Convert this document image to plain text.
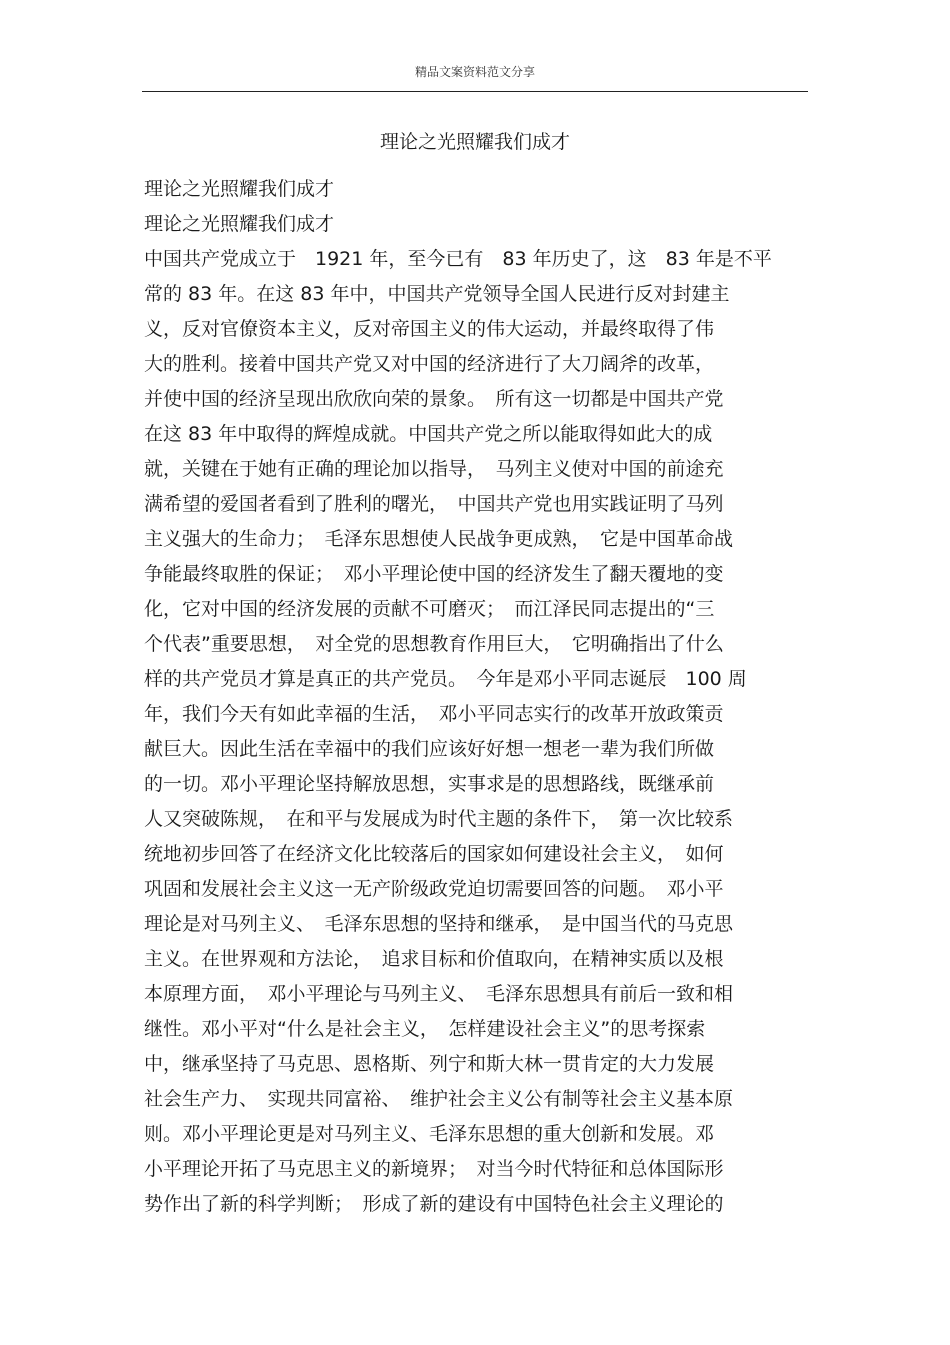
精品文案资料范文分享
理论之光照耀我们成才
理论之光照耀我们成才
理论之光照耀我们成才
中国共产党成立于　1921 年，至今已有　83 年历史了，这　83 年是不平
常的 83 年。在这 83 年中，中国共产党领导全国人民进行反对封建主
义，反对官僚资本主义，反对帝国主义的伟大运动，并最终取得了伟
大的胜利。接着中国共产党又对中国的经济进行了大刀阔斧的改革，
并使中国的经济呈现出欣欣向荣的景象。　所有这一切都是中国共产党
在这 83 年中取得的辉煌成就。中国共产党之所以能取得如此大的成
就，关键在于她有正确的理论加以指导，　马列主义使对中国的前途充
满希望的爱国者看到了胜利的曙光，　中国共产党也用实践证明了马列
主义强大的生命力；　毛泽东思想使人民战争更成熟，　它是中国革命战
争能最终取胜的保证；　邓小平理论使中国的经济发生了翻天覆地的变
化，它对中国的经济发展的贡献不可磨灭；　而江泽民同志提出的“三
个代表”重要思想，　对全党的思想教育作用巨大，　它明确指出了什么
样的共产党员才算是真正的共产党员。　今年是邓小平同志诞辰　100 周
年，我们今天有如此幸福的生活，　邓小平同志实行的改革开放政策贡
献巨大。因此生活在幸福中的我们应该好好想一想老一辈为我们所做
的一切。邓小平理论坚持解放思想，实事求是的思想路线，既继承前
人又突破陈规，　在和平与发展成为时代主题的条件下，　第一次比较系
统地初步回答了在经济文化比较落后的国家如何建设社会主义，　如何
巩固和发展社会主义这一无产阶级政党迫切需要回答的问题。　邓小平
理论是对马列主义、　毛泽东思想的坚持和继承，　是中国当代的马克思
主义。在世界观和方法论，　追求目标和价值取向，在精神实质以及根
本原理方面，　邓小平理论与马列主义、　毛泽东思想具有前后一致和相
继性。邓小平对“什么是社会主义，　怎样建设社会主义”的思考探索
中，继承坚持了马克思、恩格斯、列宁和斯大林一贯肯定的大力发展
社会生产力、　实现共同富裕、　维护社会主义公有制等社会主义基本原
则。邓小平理论更是对马列主义、毛泽东思想的重大创新和发展。邓
小平理论开拓了马克思主义的新境界；　对当今时代特征和总体国际形
势作出了新的科学判断；　形成了新的建设有中国特色社会主义理论的
